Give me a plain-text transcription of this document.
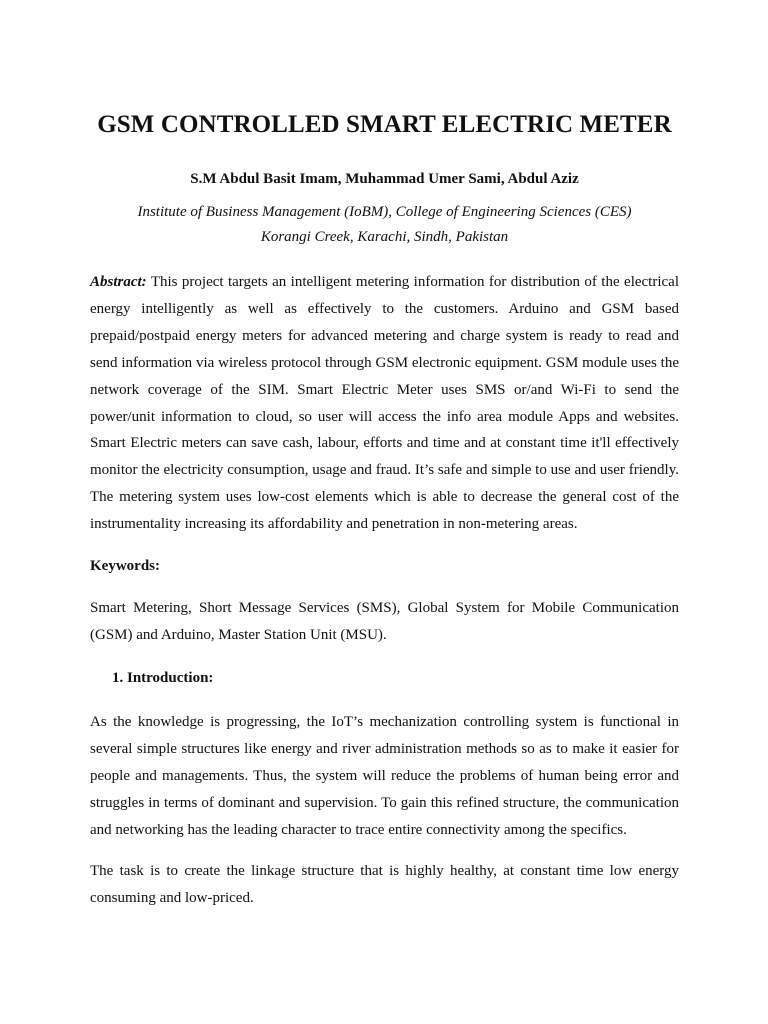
GSM CONTROLLED SMART ELECTRIC METER

S.M Abdul Basit Imam, Muhammad Umer Sami, Abdul Aziz

Institute of Business Management (IoBM), College of Engineering Sciences (CES)
Korangi Creek, Karachi, Sindh, Pakistan

Abstract: This project targets an intelligent metering information for distribution of the electrical energy intelligently as well as effectively to the customers. Arduino and GSM based prepaid/postpaid energy meters for advanced metering and charge system is ready to read and send information via wireless protocol through GSM electronic equipment. GSM module uses the network coverage of the SIM. Smart Electric Meter uses SMS or/and Wi-Fi to send the power/unit information to cloud, so user will access the info area module Apps and websites. Smart Electric meters can save cash, labour, efforts and time and at constant time it'll effectively monitor the electricity consumption, usage and fraud. It’s safe and simple to use and user friendly. The metering system uses low-cost elements which is able to decrease the general cost of the instrumentality increasing its affordability and penetration in non-metering areas.

Keywords:

Smart Metering, Short Message Services (SMS), Global System for Mobile Communication (GSM) and Arduino, Master Station Unit (MSU).

1. Introduction:

As the knowledge is progressing, the IoT’s mechanization controlling system is functional in several simple structures like energy and river administration methods so as to make it easier for people and managements. Thus, the system will reduce the problems of human being error and struggles in terms of dominant and supervision. To gain this refined structure, the communication and networking has the leading character to trace entire connectivity among the specifics.

The task is to create the linkage structure that is highly healthy, at constant time low energy consuming and low-priced.
